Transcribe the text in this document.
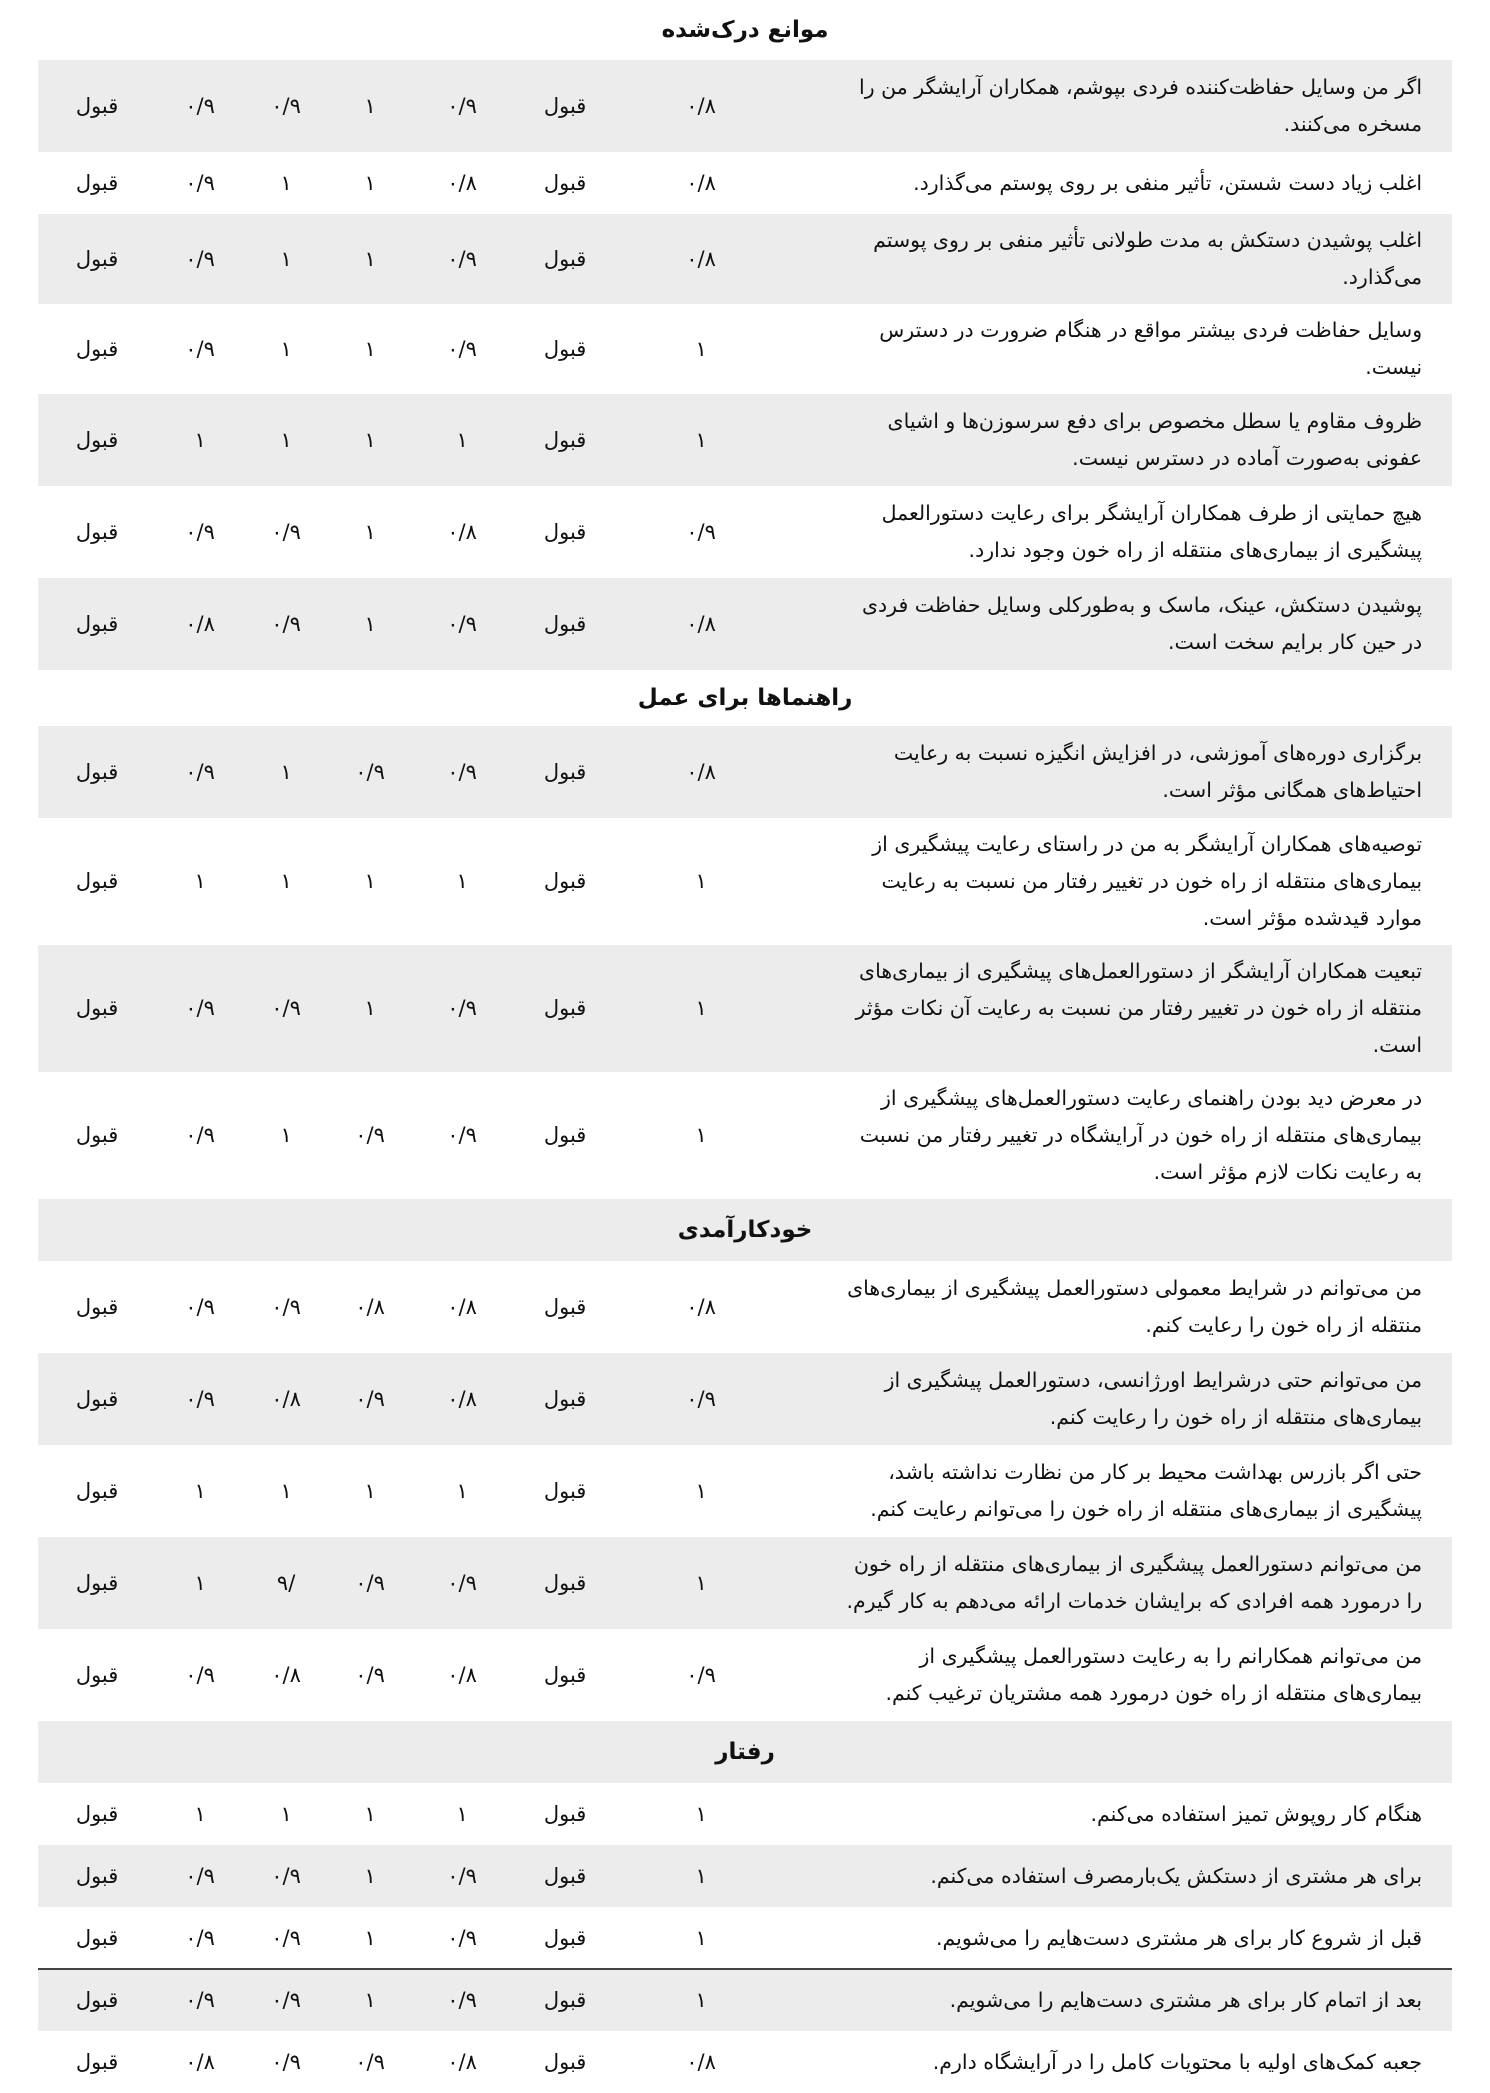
موانع درک‌شده							
اگر من وسایل حفاظت‌کننده فردی بپوشم، همکاران آرایشگر من را مسخره می‌کنند.	۰/۸	قبول	۰/۹	۱	۰/۹	۰/۹	قبول
اغلب زیاد دست شستن، تأثیر منفی بر روی پوستم می‌گذارد.	۰/۸	قبول	۰/۸	۱	۱	۰/۹	قبول
اغلب پوشیدن دستکش به مدت طولانی تأثیر منفی بر روی پوستم می‌گذارد.	۰/۸	قبول	۰/۹	۱	۱	۰/۹	قبول
وسایل حفاظت فردی بیشتر مواقع در هنگام ضرورت در دسترس نیست.	۱	قبول	۰/۹	۱	۱	۰/۹	قبول
ظروف مقاوم یا سطل مخصوص برای دفع سرسوزن‌ها و اشیای عفونی به‌صورت آماده در دسترس نیست.	۱	قبول	۱	۱	۱	۱	قبول
هیچ حمایتی از طرف همکاران آرایشگر برای رعایت دستورالعمل پیشگیری از بیماری‌های منتقله از راه خون وجود ندارد.	۰/۹	قبول	۰/۸	۱	۰/۹	۰/۹	قبول
پوشیدن دستکش، عینک، ماسک و به‌طورکلی وسایل حفاظت فردی در حین کار برایم سخت است.	۰/۸	قبول	۰/۹	۱	۰/۹	۰/۸	قبول
راهنماها برای عمل							
برگزاری دوره‌های آموزشی، در افزایش انگیزه نسبت به رعایت احتیاط‌های همگانی مؤثر است.	۰/۸	قبول	۰/۹	۰/۹	۱	۰/۹	قبول
توصیه‌های همکاران آرایشگر به من در راستای رعایت پیشگیری از بیماری‌های منتقله از راه خون در تغییر رفتار من نسبت به رعایت موارد قیدشده مؤثر است.	۱	قبول	۱	۱	۱	۱	قبول
تبعیت همکاران آرایشگر از دستورالعمل‌های پیشگیری از بیماری‌های منتقله از راه خون در تغییر رفتار من نسبت به رعایت آن نکات مؤثر است.	۱	قبول	۰/۹	۱	۰/۹	۰/۹	قبول
در معرض دید بودن راهنمای رعایت دستورالعمل‌های پیشگیری از بیماری‌های منتقله از راه خون در آرایشگاه در تغییر رفتار من نسبت به رعایت نکات لازم مؤثر است.	۱	قبول	۰/۹	۰/۹	۱	۰/۹	قبول
خودکارآمدی							
من می‌توانم در شرایط معمولی دستورالعمل پیشگیری از بیماری‌های منتقله از راه خون را رعایت کنم.	۰/۸	قبول	۰/۸	۰/۸	۰/۹	۰/۹	قبول
من می‌توانم حتی درشرایط اورژانسی، دستورالعمل پیشگیری از بیماری‌های منتقله از راه خون را رعایت کنم.	۰/۹	قبول	۰/۸	۰/۹	۰/۸	۰/۹	قبول
حتی اگر بازرس بهداشت محیط بر کار من نظارت نداشته باشد، پیشگیری از بیماری‌های منتقله از راه خون را می‌توانم رعایت کنم.	۱	قبول	۱	۱	۱	۱	قبول
من می‌توانم دستورالعمل پیشگیری از بیماری‌های منتقله از راه خون را درمورد همه افرادی که برایشان خدمات ارائه می‌دهم به کار گیرم.	۱	قبول	۰/۹	۰/۹	/۹	۱	قبول
من می‌توانم همکارانم را به رعایت دستورالعمل پیشگیری از بیماری‌های منتقله از راه خون درمورد همه مشتریان ترغیب کنم.	۰/۹	قبول	۰/۸	۰/۹	۰/۸	۰/۹	قبول
رفتار							
هنگام کار روپوش تمیز استفاده می‌کنم.	۱	قبول	۱	۱	۱	۱	قبول
برای هر مشتری از دستکش یک‌بارمصرف استفاده می‌کنم.	۱	قبول	۰/۹	۱	۰/۹	۰/۹	قبول
قبل از شروع کار برای هر مشتری دست‌هایم را می‌شویم.	۱	قبول	۰/۹	۱	۰/۹	۰/۹	قبول
بعد از اتمام کار برای هر مشتری دست‌هایم را می‌شویم.	۱	قبول	۰/۹	۱	۰/۹	۰/۹	قبول
جعبه کمک‌های اولیه با محتویات کامل را در آرایشگاه دارم.	۰/۸	قبول	۰/۸	۰/۹	۰/۹	۰/۸	قبول
